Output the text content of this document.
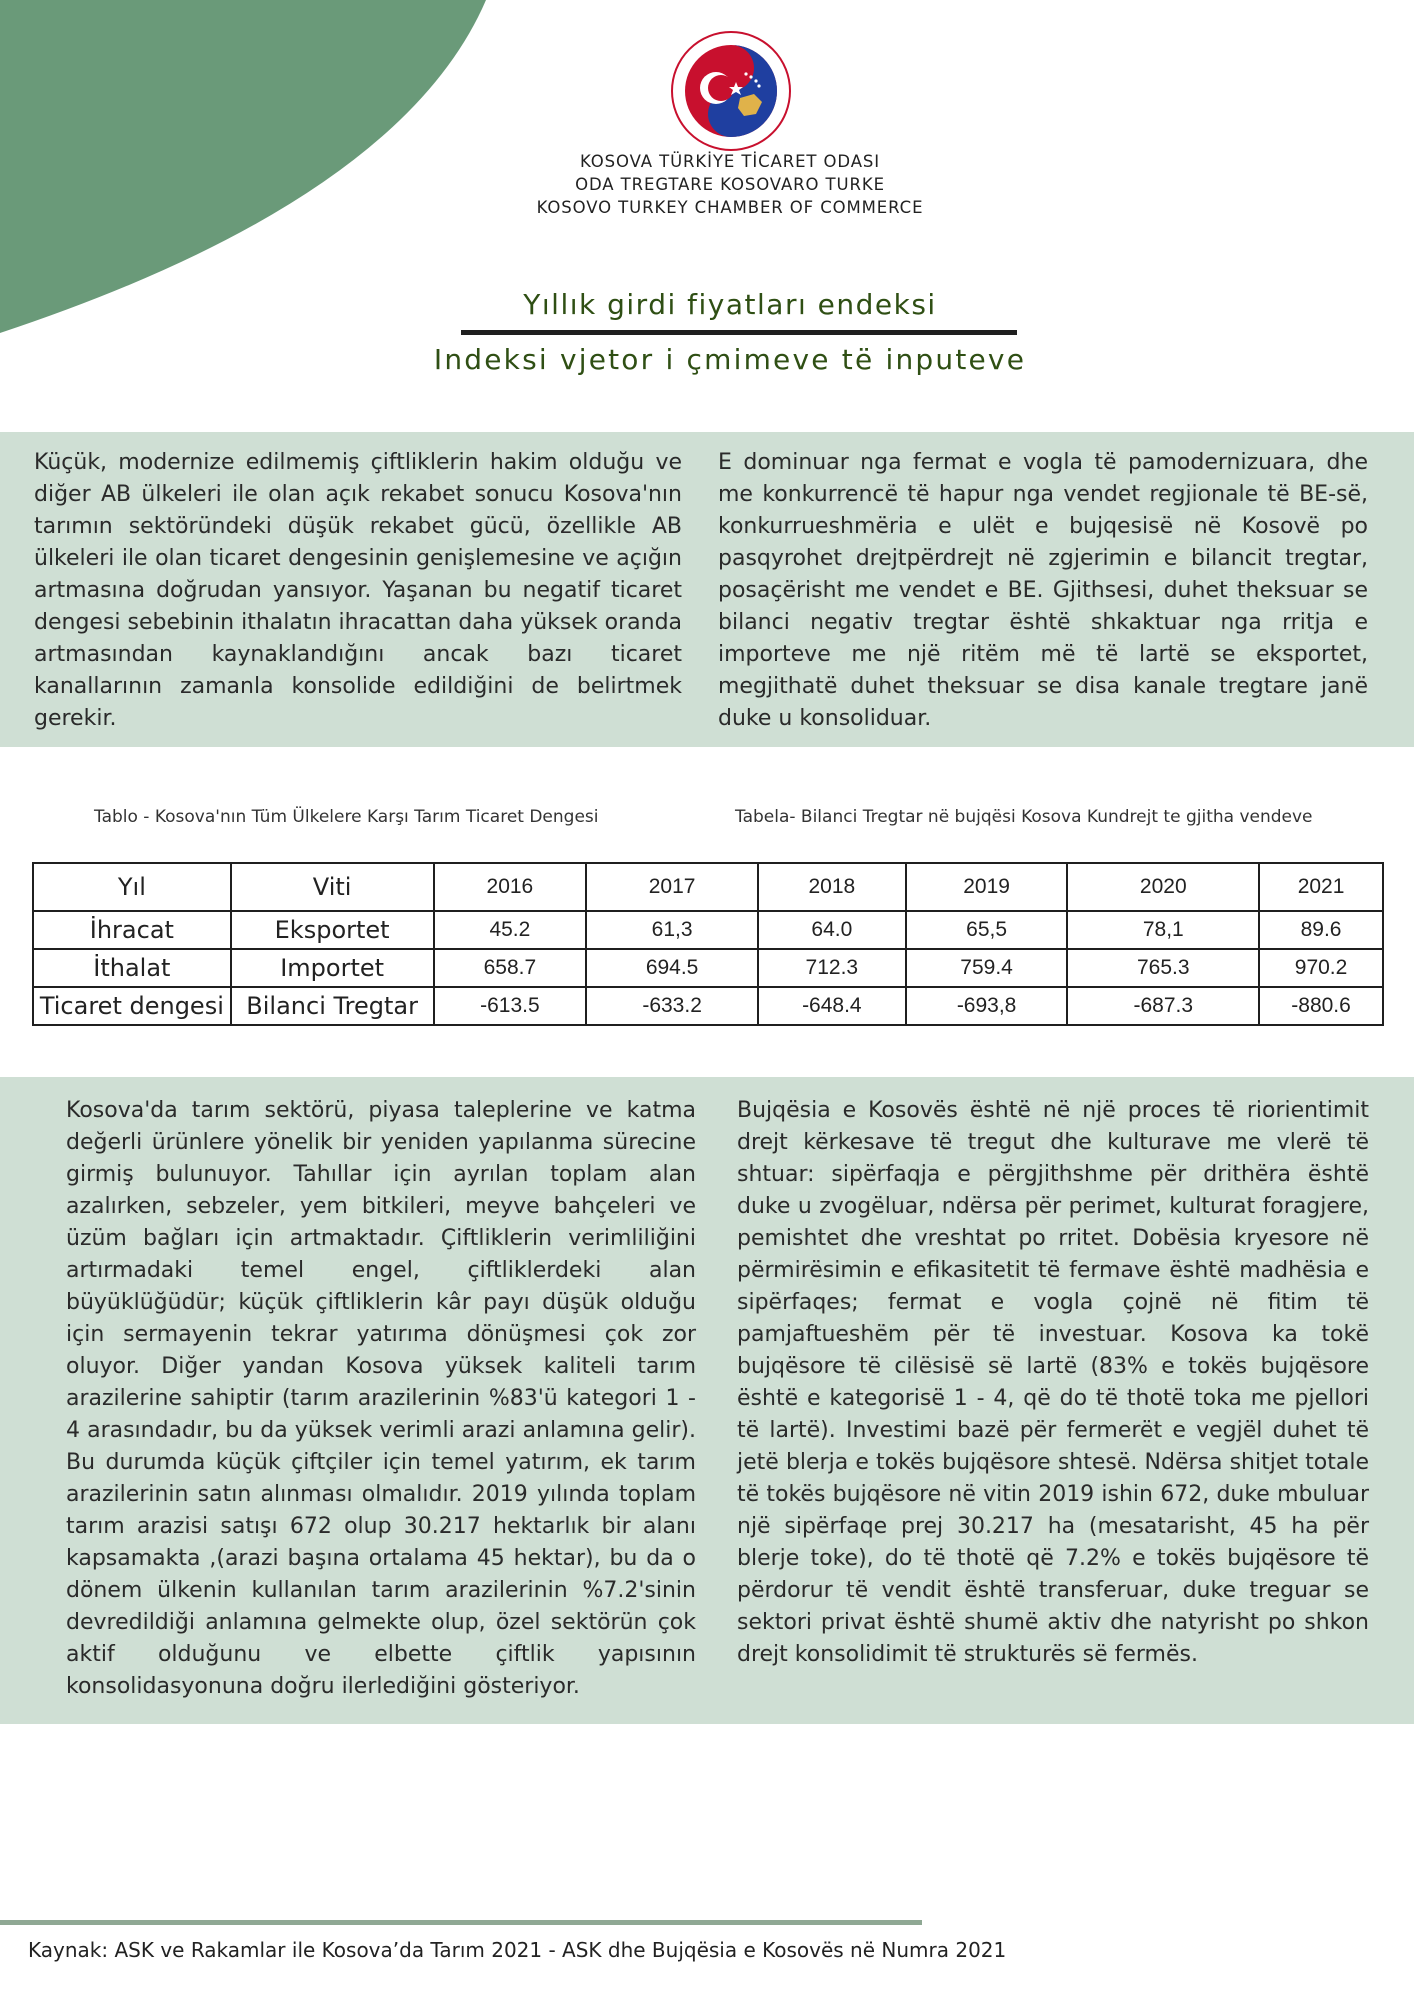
KOSOVA TÜRKİYE TİCARET ODASI
ODA TREGTARE KOSOVARO TURKE
KOSOVO TURKEY CHAMBER OF COMMERCE
Yıllık girdi fiyatları endeksi
Indeksi vjetor i çmimeve të inputeve
Küçük, modernize edilmemiş çiftliklerin hakim olduğu ve diğer AB ülkeleri ile olan açık rekabet sonucu Kosova'nın tarımın sektöründeki düşük rekabet gücü, özellikle AB ülkeleri ile olan ticaret dengesinin genişlemesine ve açığın artmasına doğrudan yansıyor. Yaşanan bu negatif ticaret dengesi sebebinin ithalatın ihracattan daha yüksek oranda artmasından kaynaklandığını ancak bazı ticaret kanallarının zamanla konsolide edildiğini de belirtmek gerekir.
E dominuar nga fermat e vogla të pamodernizuara, dhe me konkurrencë të hapur nga vendet regjionale të BE-së, konkurrueshmëria e ulët e bujqesisë në Kosovë po pasqyrohet drejtpërdrejt në zgjerimin e bilancit tregtar, posaçërisht me vendet e BE. Gjithsesi, duhet theksuar se bilanci negativ tregtar është shkaktuar nga rritja e importeve me një ritëm më të lartë se eksportet, megjithatë duhet theksuar se disa kanale tregtare janë duke u konsoliduar.
Tablo - Kosova'nın Tüm Ülkelere Karşı Tarım Ticaret Dengesi	Tabela- Bilanci Tregtar në bujqësi Kosova Kundrejt te gjitha vendeve
Yıl	Viti	2016	2017	2018	2019	2020	2021
İhracat	Eksportet	45.2	61,3	64.0	65,5	78,1	89.6
İthalat	Importet	658.7	694.5	712.3	759.4	765.3	970.2
Ticaret dengesi	Bilanci Tregtar	-613.5	-633.2	-648.4	-693,8	-687.3	-880.6
Kosova'da tarım sektörü, piyasa taleplerine ve katma değerli ürünlere yönelik bir yeniden yapılanma sürecine girmiş bulunuyor. Tahıllar için ayrılan toplam alan azalırken, sebzeler, yem bitkileri, meyve bahçeleri ve üzüm bağları için artmaktadır. Çiftliklerin verimliliğini artırmadaki temel engel, çiftliklerdeki alan büyüklüğüdür; küçük çiftliklerin kâr payı düşük olduğu için sermayenin tekrar yatırıma dönüşmesi çok zor oluyor. Diğer yandan Kosova yüksek kaliteli tarım arazilerine sahiptir (tarım arazilerinin %83'ü kategori 1 - 4 arasındadır, bu da yüksek verimli arazi anlamına gelir). Bu durumda küçük çiftçiler için temel yatırım, ek tarım arazilerinin satın alınması olmalıdır. 2019 yılında toplam tarım arazisi satışı 672 olup 30.217 hektarlık bir alanı kapsamakta ,(arazi başına ortalama 45 hektar), bu da o dönem ülkenin kullanılan tarım arazilerinin %7.2'sinin devredildiği anlamına gelmekte olup, özel sektörün çok aktif olduğunu ve elbette çiftlik yapısının konsolidasyonuna doğru ilerlediğini gösteriyor.
Bujqësia e Kosovës është në një proces të riorientimit drejt kërkesave të tregut dhe kulturave me vlerë të shtuar: sipërfaqja e përgjithshme për drithëra është duke u zvogëluar, ndërsa për perimet, kulturat foragjere, pemishtet dhe vreshtat po rritet. Dobësia kryesore në përmirësimin e efikasitetit të fermave është madhësia e sipërfaqes; fermat e vogla çojnë në fitim të pamjaftueshëm për të investuar. Kosova ka tokë bujqësore të cilësisë së lartë (83% e tokës bujqësore është e kategorisë 1 - 4, që do të thotë toka me pjellori të lartë). Investimi bazë për fermerët e vegjël duhet të jetë blerja e tokës bujqësore shtesë. Ndërsa shitjet totale të tokës bujqësore në vitin 2019 ishin 672, duke mbuluar një sipërfaqe prej 30.217 ha (mesatarisht, 45 ha për blerje toke), do të thotë që 7.2% e tokës bujqësore të përdorur të vendit është transferuar, duke treguar se sektori privat është shumë aktiv dhe natyrisht po shkon drejt konsolidimit të strukturës së fermës.
Kaynak: ASK ve Rakamlar ile Kosova’da Tarım 2021 - ASK dhe Bujqësia e Kosovës në Numra 2021
